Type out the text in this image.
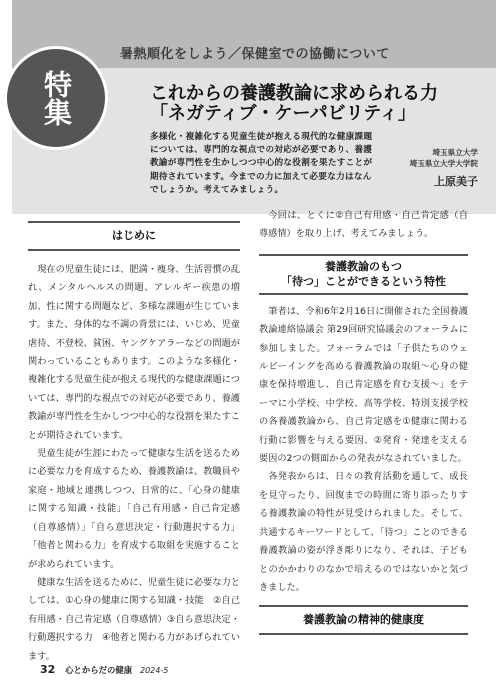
暑熱順化をしよう／保健室での協働について
特集	これからの養護教論に求められる力
「ネガティブ・ケーパビリティ」
多様化・複雑化する児童生徒が抱える現代的な健康課題については、専門的な視点での対応が必要であり、養護教諭が専門性を生かしつつ中心的な役割を果たすことが期待されています。今までの力に加えて必要な力はなんでしょうか。考えてみましょう。
埼玉県立大学
埼玉県立大学大学院
上原美子
はじめに

現在の児童生徒には、肥満・痩身、生活習慣の乱れ、メンタルヘルスの問題、アレルギー疾患の増加、性に関する問題など、多様な課題が生じています。また、身体的な不調の背景には、いじめ、児童虐待、不登校、貧困、ヤングケアラーなどの問題が関わっていることもあります。このような多様化・複雑化する児童生徒が抱える現代的な健康課題については、専門的な視点での対応が必要であり、養護教諭が専門性を生かしつつ中心的な役割を果たすことが期待されています。

児童生徒が生涯にわたって健康な生活を送るために必要な力を育成するため、養護教諭は、教職員や家庭・地域と連携しつつ、日常的に、「心身の健康に関する知識・技能」「自己有用感・自己肯定感（自尊感情）」「自ら意思決定・行動選択する力」「他者と関わる力」を育成する取組を実施することが求められています。

健康な生活を送るために、児童生徒に必要な力としては、①心身の健康に関する知識・技能　②自己有用感・自己肯定感（自尊感情）③自ら意思決定・行動選択する力　④他者と関わる力があげられています。

今回は、とくに②自己有用感・自己肯定感（自尊感情）を取り上げ、考えてみましょう。

養護教論のもつ
「待つ」ことができるという特性

筆者は、令和6年2月16日に開催された全国養護教論連絡協議会 第29回研究協議会のフォーラムに参加しました。フォーラムでは「子供たちのウェルビーイングを高める養護教論の取組～心身の健康を保持増進し、自己肯定感を育む支援～」をテーマに小学校、中学校、高等学校、特別支援学校の各養護教論から、自己肯定感を①健康に関わる行動に影響を与える要因、②発育・発達を支える要因の2つの側面からの発表がなされていました。

各発表からは、日々の教育活動を通して、成長を見守ったり、回復までの時間に寄り添ったりする養護教論の特性が見受けられました。そして、共通するキーワードとして、「待つ」ことのできる養護教論の姿が浮き彫りになり、それは、子どもとのかかわりのなかで培えるのではないかと気づきました。

養護教論の精神的健康度
32 心とからだの健康 2024-5
